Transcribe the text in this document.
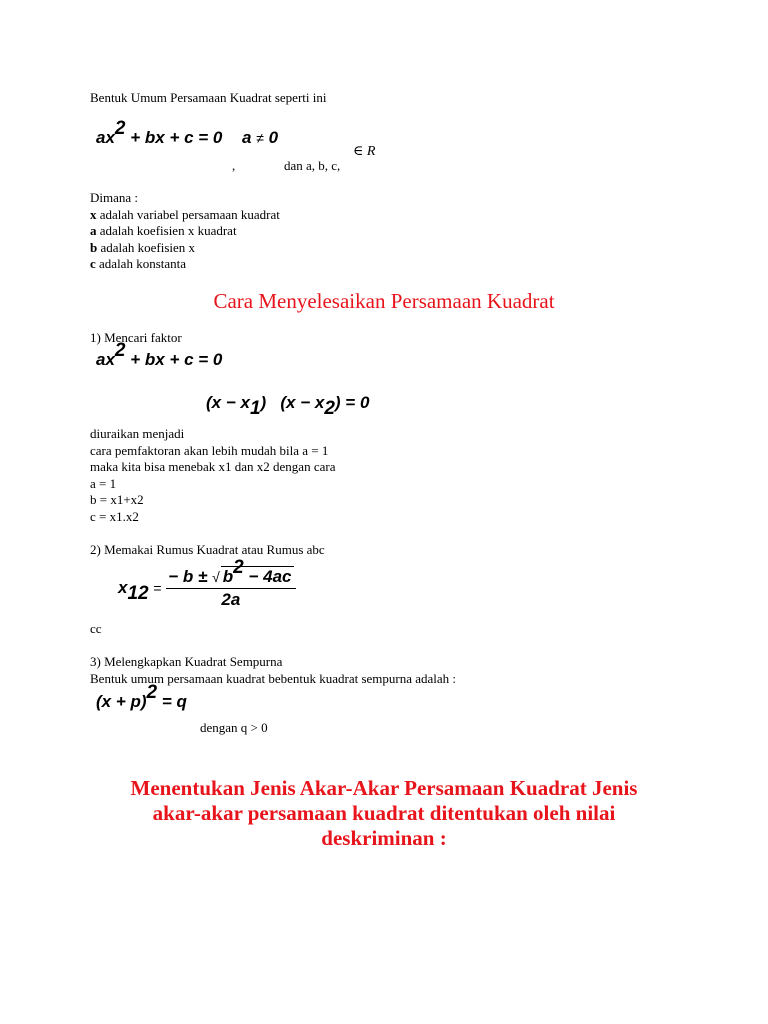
Bentuk Umum Persamaan Kuadrat seperti ini
$ax^2$ + bx + c = 0 a ≠ 0
,	dan a, b, c,
∈ R
Dimana :
x adalah variabel persamaan kuadrat
a adalah koefisien x kuadrat
b adalah koefisien x
c adalah konstanta
Cara Menyelesaikan Persamaan Kuadrat
1) Mencari faktor
$ax^2$ + bx + c = 0
$(x - x_1)$ $(x - x_2) = 0$
diuraikan menjadi
cara pemfaktoran akan lebih mudah bila a = 1
maka kita bisa menebak x1 dan x2 dengan cara
a = 1
b = x1+x2
c = x1.x2
2) Memakai Rumus Kuadrat atau Rumus abc
$x_{12} = \frac{- b \pm √ b^2 - 4ac}{2a}$
cc
3) Melengkapkan Kuadrat Sempurna
Bentuk umum persamaan kuadrat bebentuk kuadrat sempurna adalah :
$(x + p)^2 = q$
dengan q > 0
Menentukan Jenis Akar-Akar Persamaan Kuadrat Jenis akar-akar persamaan kuadrat ditentukan oleh nilai deskriminan :
